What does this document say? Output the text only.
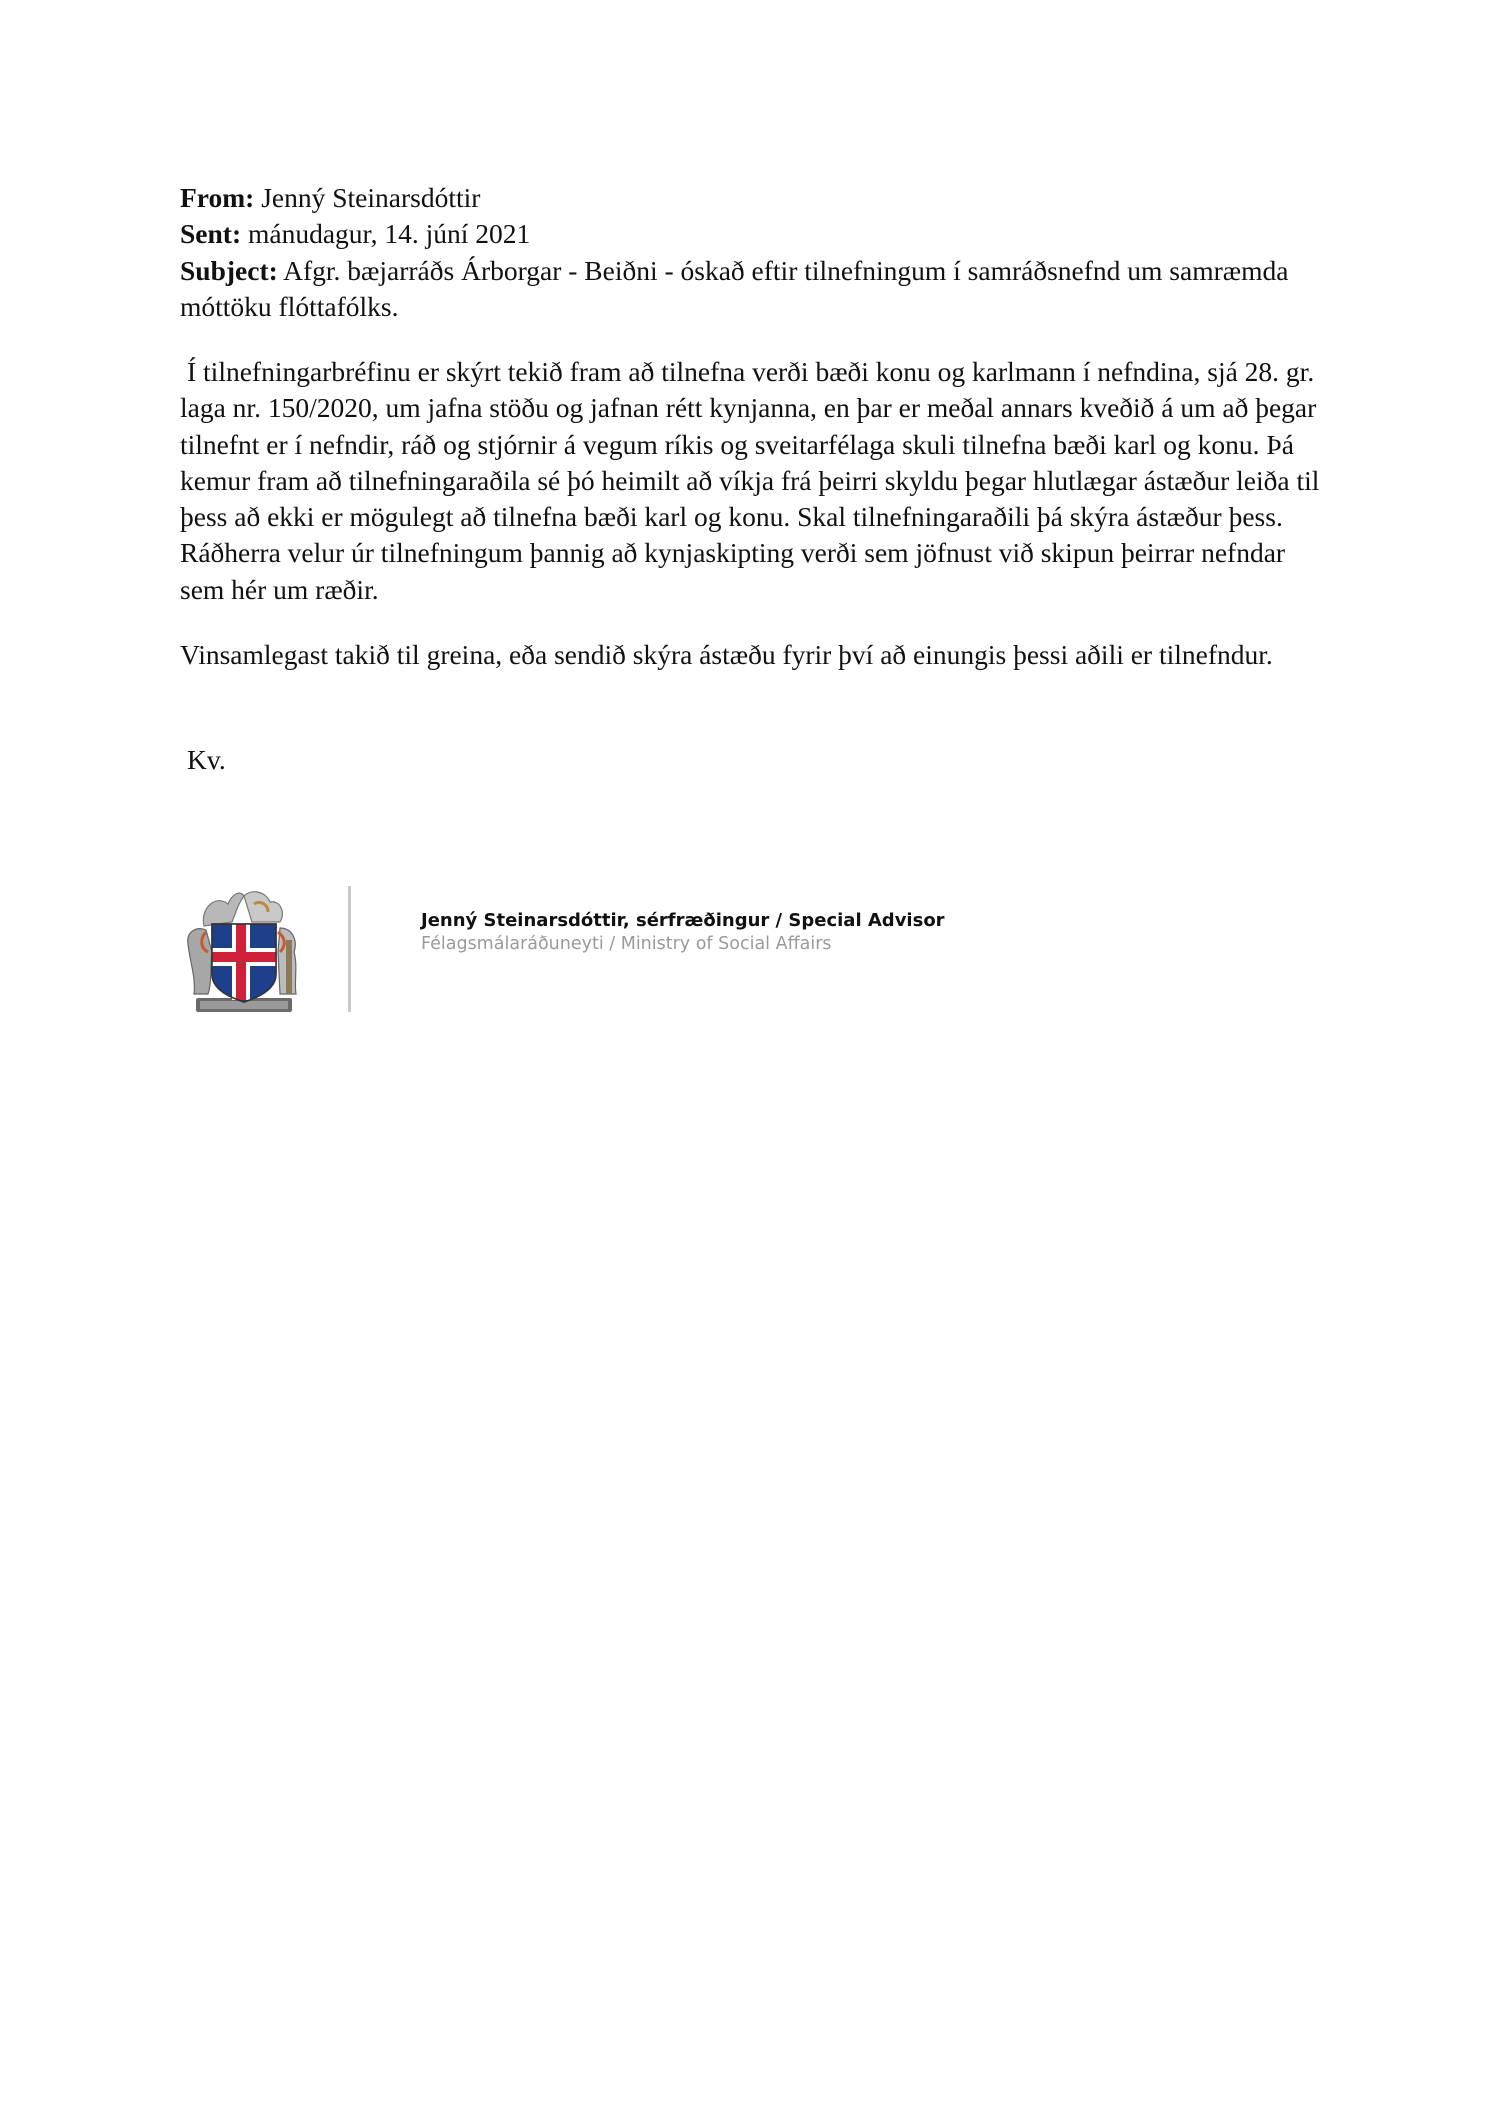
From: Jenný Steinarsdóttir

Sent: mánudagur, 14. júní 2021

Subject: Afgr. bæjarráðs Árborgar - Beiðni - óskað eftir tilnefningum í samráðsnefnd um samræmda móttöku flóttafólks.

Í tilnefningarbréfinu er skýrt tekið fram að tilnefna verði bæði konu og karlmann í nefndina, sjá 28. gr. laga nr. 150/2020, um jafna stöðu og jafnan rétt kynjanna, en þar er meðal annars kveðið á um að þegar tilnefnt er í nefndir, ráð og stjórnir á vegum ríkis og sveitarfélaga skuli tilnefna bæði karl og konu. Þá kemur fram að tilnefningaraðila sé þó heimilt að víkja frá þeirri skyldu þegar hlutlægar ástæður leiða til þess að ekki er mögulegt að tilnefna bæði karl og konu. Skal tilnefningaraðili þá skýra ástæður þess. Ráðherra velur úr tilnefningum þannig að kynjaskipting verði sem jöfnust við skipun þeirrar nefndar sem hér um ræðir.

Vinsamlegast takið til greina, eða sendið skýra ástæðu fyrir því að einungis þessi aðili er tilnefndur.

Kv.

Jenný Steinarsdóttir, sérfræðingur / Special Advisor

Félagsmálaráðuneyti / Ministry of Social Affairs
